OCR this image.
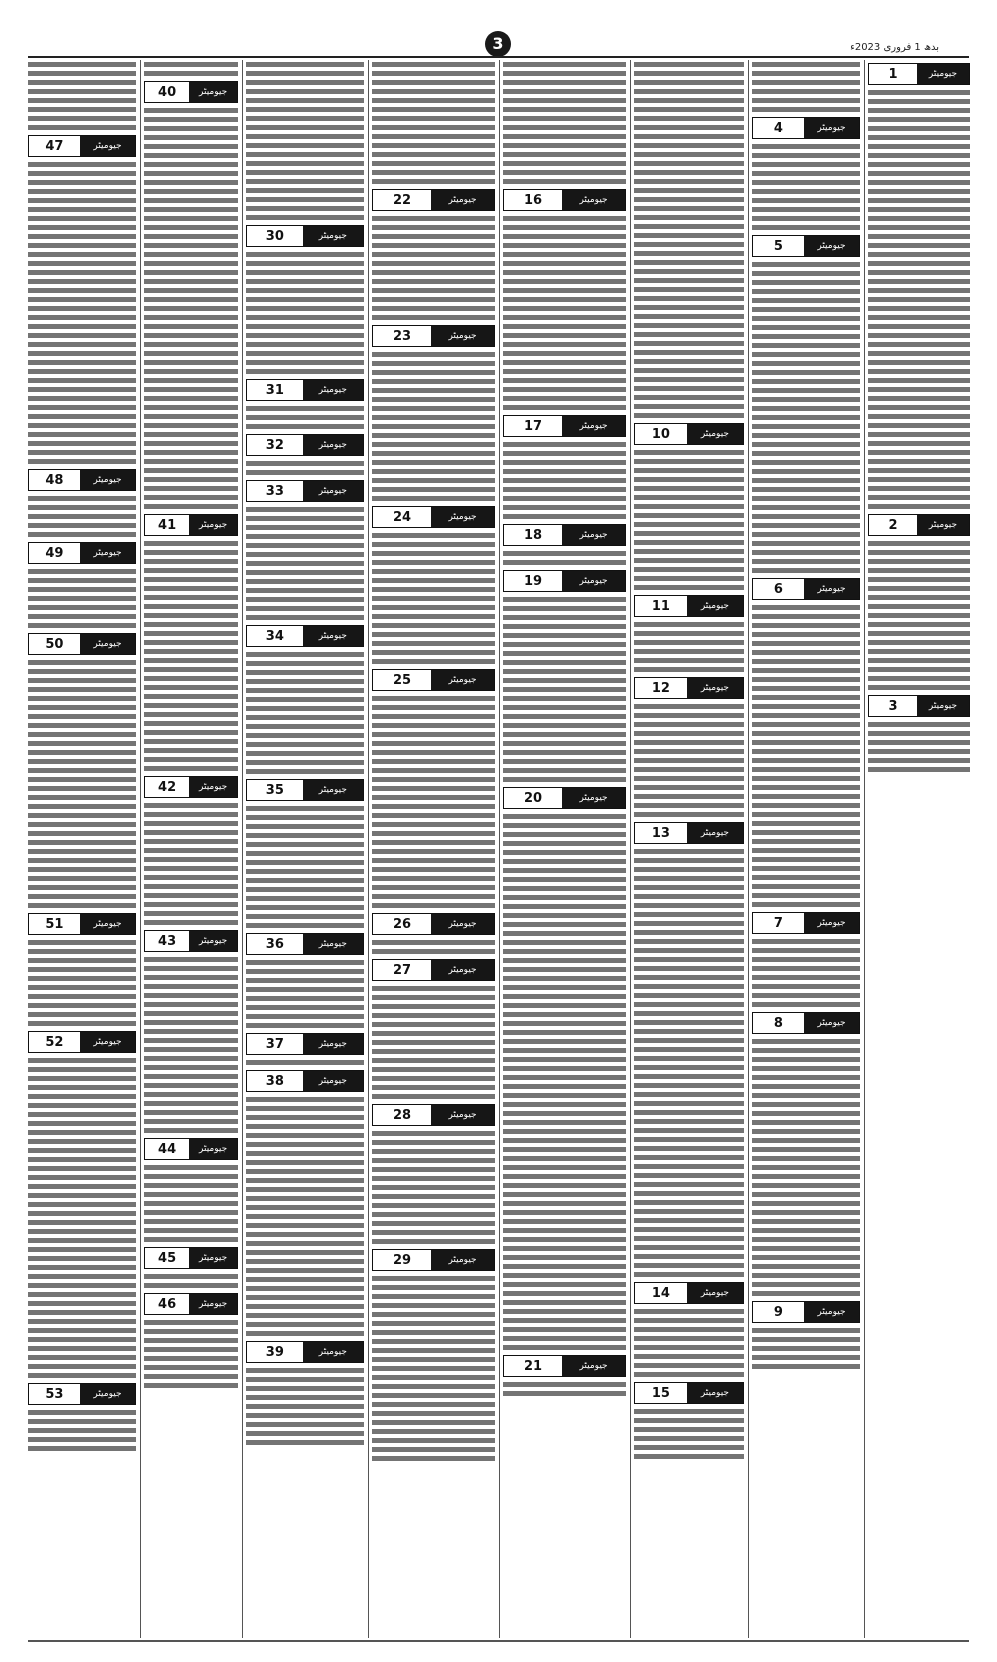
3	بدھ 1 فروری 2023ء
1	جیومیٹر
2	جیومیٹر
3	جیومیٹر
4	جیومیٹر
5	جیومیٹر
6	جیومیٹر
7	جیومیٹر
8	جیومیٹر
9	جیومیٹر
10	جیومیٹر
11	جیومیٹر
12	جیومیٹر
13	جیومیٹر
14	جیومیٹر
15	جیومیٹر
16	جیومیٹر
17	جیومیٹر
18	جیومیٹر
19	جیومیٹر
20	جیومیٹر
21	جیومیٹر
22	جیومیٹر
23	جیومیٹر
24	جیومیٹر
25	جیومیٹر
26	جیومیٹر
27	جیومیٹر
28	جیومیٹر
29	جیومیٹر
30	جیومیٹر
31	جیومیٹر
32	جیومیٹر
33	جیومیٹر
34	جیومیٹر
35	جیومیٹر
36	جیومیٹر
37	جیومیٹر
38	جیومیٹر
39	جیومیٹر
40	جیومیٹر
41	جیومیٹر
42	جیومیٹر
43	جیومیٹر
44	جیومیٹر
45	جیومیٹر
46	جیومیٹر
47	جیومیٹر
48	جیومیٹر
49	جیومیٹر
50	جیومیٹر
51	جیومیٹر
52	جیومیٹر
53	جیومیٹر
